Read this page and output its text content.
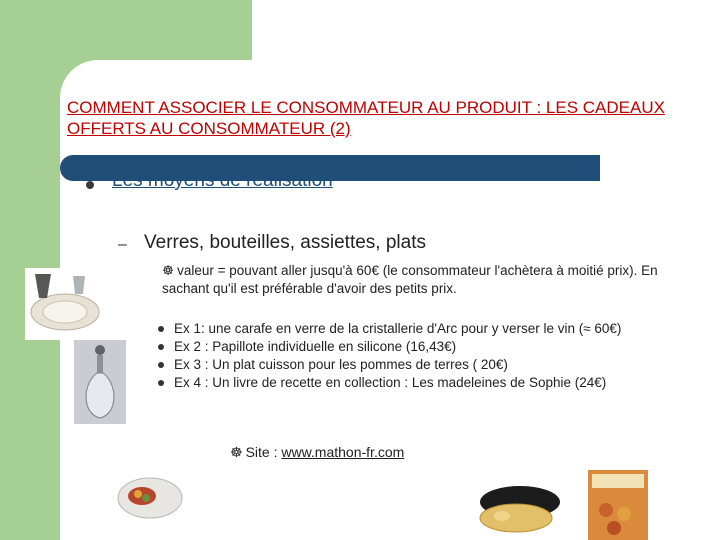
COMMENT ASSOCIER LE CONSOMMATEUR AU PRODUIT : LES CADEAUX OFFERTS AU CONSOMMATEUR (2)
Les moyens de réalisation
– Verres, bouteilles, assiettes, plats
☸ valeur = pouvant aller jusqu'à 60€ (le consommateur l'achètera à moitié prix). En sachant qu'il est préférable d'avoir des petits prix.
Ex 1: une carafe en verre de la cristallerie d'Arc pour y verser le vin (≈ 60€)
Ex 2 : Papillote individuelle en silicone (16,43€)
Ex 3 : Un plat cuisson pour les pommes de terres ( 20€)
Ex 4 : Un livre de recette en collection : Les madeleines de Sophie (24€)
☸ Site : www.mathon-fr.com
